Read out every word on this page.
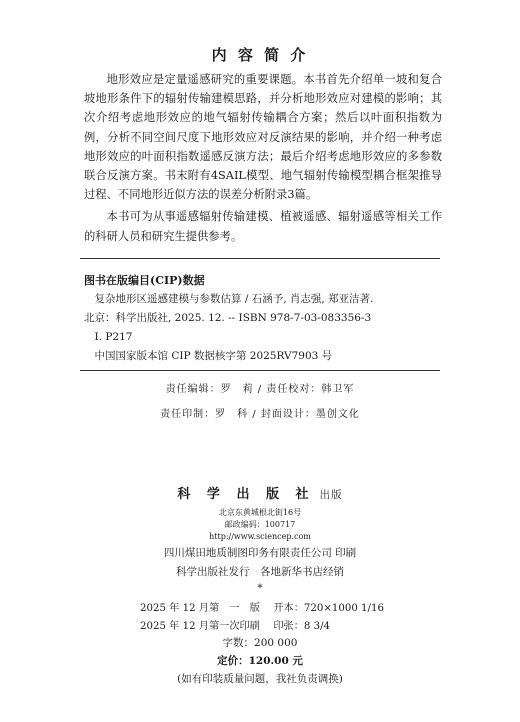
内 容 简 介

地形效应是定量遥感研究的重要课题。本书首先介绍单一坡和复合坡地形条件下的辐射传输建模思路，并分析地形效应对建模的影响；其次介绍考虑地形效应的地气辐射传输耦合方案；然后以叶面积指数为例，分析不同空间尺度下地形效应对反演结果的影响，并介绍一种考虑地形效应的叶面积指数遥感反演方法；最后介绍考虑地形效应的多参数联合反演方案。书末附有4SAIL模型、地气辐射传输模型耦合框架推导过程、不同地形近似方法的误差分析附录3篇。

本书可为从事遥感辐射传输建模、植被遥感、辐射遥感等相关工作的科研人员和研究生提供参考。

图书在版编目(CIP)数据
复杂地形区遥感建模与参数估算 / 石涵予, 肖志强, 郑亚洁著.
北京：科学出版社, 2025. 12. -- ISBN 978-7-03-083356-3
Ⅰ. P217
中国国家版本馆 CIP 数据核字第 2025RV7903 号
责任编辑：罗　莉 / 责任校对：韩卫军
责任印制：罗　科 / 封面设计：墨创文化
科 学 出 版 社 出版
北京东黄城根北街16号
邮政编码：100717
http://www.sciencep.com
四川煤田地质制图印务有限责任公司 印刷
科学出版社发行　各地新华书店经销
*
2025 年 12 月第　一　版　 开本：720×1000 1/16
2025 年 12 月第一次印刷　 印张：8 3/4
字数：200 000
定价：120.00 元
(如有印装质量问题，我社负责调换)
